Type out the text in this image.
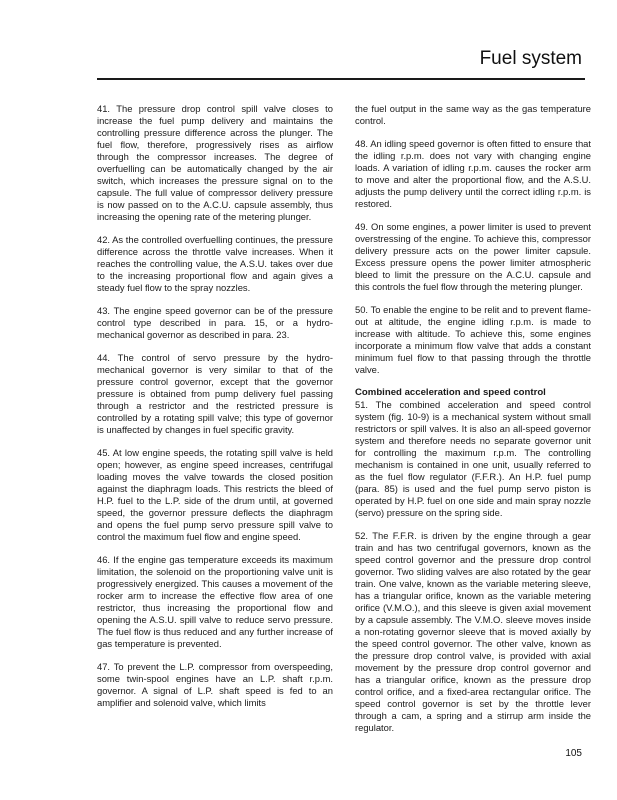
Fuel system

41. The pressure drop control spill valve closes to increase the fuel pump delivery and maintains the controlling pressure difference across the plunger. The fuel flow, therefore, progressively rises as airflow through the compressor increases. The degree of overfuelling can be automatically changed by the air switch, which increases the pressure signal on to the capsule. The full value of compressor delivery pressure is now passed on to the A.C.U. capsule assembly, thus increasing the opening rate of the metering plunger.

42. As the controlled overfuelling continues, the pressure difference across the throttle valve increases. When it reaches the controlling value, the A.S.U. takes over due to the increasing proportional flow and again gives a steady fuel flow to the spray nozzles.

43. The engine speed governor can be of the pressure control type described in para. 15, or a hydro-mechanical governor as described in para. 23.

44. The control of servo pressure by the hydro-mechanical governor is very similar to that of the pressure control governor, except that the governor pressure is obtained from pump delivery fuel passing through a restrictor and the restricted pressure is controlled by a rotating spill valve; this type of governor is unaffected by changes in fuel specific gravity.

45. At low engine speeds, the rotating spill valve is held open; however, as engine speed increases, centrifugal loading moves the valve towards the closed position against the diaphragm loads. This restricts the bleed of H.P. fuel to the L.P. side of the drum until, at governed speed, the governor pressure deflects the diaphragm and opens the fuel pump servo pressure spill valve to control the maximum fuel flow and engine speed.

46. If the engine gas temperature exceeds its maximum limitation, the solenoid on the proportioning valve unit is progressively energized. This causes a movement of the rocker arm to increase the effective flow area of one restrictor, thus increasing the proportional flow and opening the A.S.U. spill valve to reduce servo pressure. The fuel flow is thus reduced and any further increase of gas temperature is prevented.

47. To prevent the L.P. compressor from overspeeding, some twin-spool engines have an L.P. shaft r.p.m. governor. A signal of L.P. shaft speed is fed to an amplifier and solenoid valve, which limits

the fuel output in the same way as the gas temperature control.

48. An idling speed governor is often fitted to ensure that the idling r.p.m. does not vary with changing engine loads. A variation of idling r.p.m. causes the rocker arm to move and alter the proportional flow, and the A.S.U. adjusts the pump delivery until the correct idling r.p.m. is restored.

49. On some engines, a power limiter is used to prevent overstressing of the engine. To achieve this, compressor delivery pressure acts on the power limiter capsule. Excess pressure opens the power limiter atmospheric bleed to limit the pressure on the A.C.U. capsule and this controls the fuel flow through the metering plunger.

50. To enable the engine to be relit and to prevent flame-out at altitude, the engine idling r.p.m. is made to increase with altitude. To achieve this, some engines incorporate a minimum flow valve that adds a constant minimum fuel flow to that passing through the throttle valve.

Combined acceleration and speed control

51. The combined acceleration and speed control system (fig. 10-9) is a mechanical system without small restrictors or spill valves. It is also an all-speed governor system and therefore needs no separate governor unit for controlling the maximum r.p.m. The controlling mechanism is contained in one unit, usually referred to as the fuel flow regulator (F.F.R.). An H.P. fuel pump (para. 85) is used and the fuel pump servo piston is operated by H.P. fuel on one side and main spray nozzle (servo) pressure on the spring side.

52. The F.F.R. is driven by the engine through a gear train and has two centrifugal governors, known as the speed control governor and the pressure drop control governor. Two sliding valves are also rotated by the gear train. One valve, known as the variable metering sleeve, has a triangular orifice, known as the variable metering orifice (V.M.O.), and this sleeve is given axial movement by a capsule assembly. The V.M.O. sleeve moves inside a non-rotating governor sleeve that is moved axially by the speed control governor. The other valve, known as the pressure drop control valve, is provided with axial movement by the pressure drop control governor and has a triangular orifice, known as the pressure drop control orifice, and a fixed-area rectangular orifice. The speed control governor is set by the throttle lever through a cam, a spring and a stirrup arm inside the regulator.

105
